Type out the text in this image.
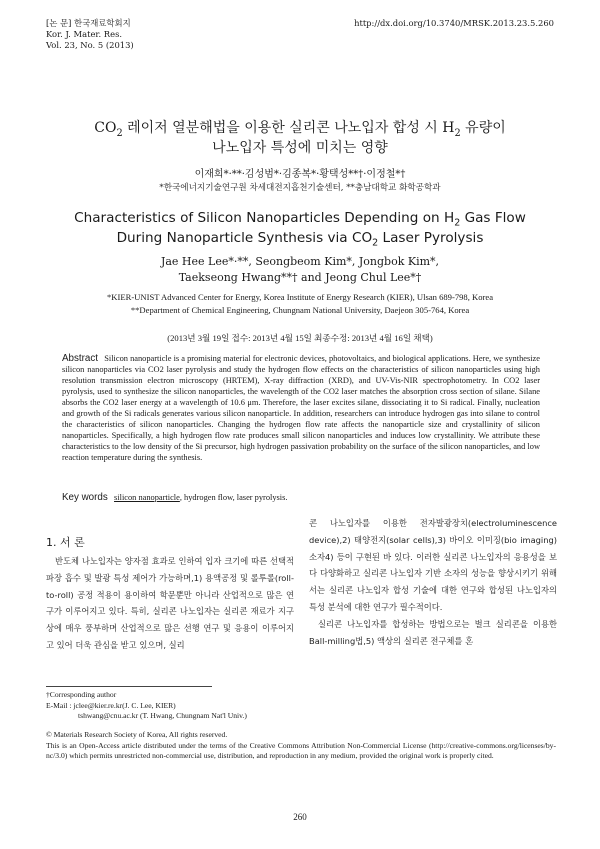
[논 문] 한국재료학회지
Kor. J. Mater. Res.
Vol. 23, No. 5 (2013)
http://dx.doi.org/10.3740/MRSK.2013.23.5.260
$CO_2$ 레이저 열분해법을 이용한 실리콘 나노입자 합성 시 $H_2$ 유량이
나노입자 특성에 미치는 영향
이재희*·**·김성범*·김종복*·황택성**†·이정철*†
*한국에너지기술연구원 차세대전지흡천기술센터, **충남대학교 화학공학과
Characteristics of Silicon Nanoparticles Depending on $H_2$ Gas Flow
During Nanoparticle Synthesis via $CO_2$ Laser Pyrolysis
Jae Hee Lee*·**, Seongbeom Kim*, Jongbok Kim*,
Taekseong Hwang**† and Jeong Chul Lee*†
*KIER-UNIST Advanced Center for Energy, Korea Institute of Energy Research (KIER), Ulsan 689-798, Korea
**Department of Chemical Engineering, Chungnam National University, Daejeon 305-764, Korea
(2013년 3월 19일 접수: 2013년 4월 15일 최종수정: 2013년 4월 16일 채택)

Abstract Silicon nanoparticle is a promising material for electronic devices, photovoltaics, and biological applications. Here, we synthesize silicon nanoparticles via CO2 laser pyrolysis and study the hydrogen flow effects on the characteristics of silicon nanoparticles using high resolution transmission electron microscopy (HRTEM), X-ray diffraction (XRD), and UV-Vis-NIR spectrophotometry. In CO2 laser pyrolysis, used to synthesize the silicon nanoparticles, the wavelength of the CO2 laser matches the absorption cross section of silane. Silane absorbs the CO2 laser energy at a wavelength of 10.6 μm. Therefore, the laser excites silane, dissociating it to Si radical. Finally, nucleation and growth of the Si radicals generates various silicon nanoparticle. In addition, researchers can introduce hydrogen gas into silane to control the characteristics of silicon nanoparticles. Changing the hydrogen flow rate affects the nanoparticle size and crystallinity of silicon nanoparticles. Specifically, a high hydrogen flow rate produces small silicon nanoparticles and induces low crystallinity. We attribute these characteristics to the low density of the Si precursor, high hydrogen passivation probability on the surface of the silicon nanoparticles, and low reaction temperature during the synthesis.

Key words silicon nanoparticle, hydrogen flow, laser pyrolysis.
1. 서 론

반도체 나노입자는 양자점 효과로 인하여 입자 크기에 따른 선택적 파장 흡수 및 발광 특성 제어가 가능하며,1) 용액공정 및 롤투롤(roll-to-roll) 공정 적용이 용이하여 학문뿐만 아니라 산업적으로 많은 연구가 이루어지고 있다. 특히, 실리콘 나노입자는 실리콘 재료가 지구상에 매우 풍부하며 산업적으로 많은 선행 연구 및 응용이 이루어지고 있어 더욱 관심을 받고 있으며, 실리

콘 나노입자를 이용한 전자발광장치(electroluminescence device),2) 태양전지(solar cells),3) 바이오 이미징(bio imaging) 소자4) 등이 구현된 바 있다. 이러한 실리콘 나노입자의 응용성을 보다 다양화하고 실리콘 나노입자 기반 소자의 성능을 향상시키기 위해서는 실리콘 나노입자 합성 기술에 대한 연구와 합성된 나노입자의 특성 분석에 대한 연구가 필수적이다.

실리콘 나노입자를 합성하는 방법으로는 벌크 실리콘을 이용한 Ball-milling법,5) 액상의 실리콘 전구체를 혼

†Corresponding author
E-Mail : jclee@kier.re.kr(J. C. Lee, KIER)
tshwang@cnu.ac.kr (T. Hwang, Chungnam Nat'l Univ.)

© Materials Research Society of Korea, All rights reserved.

This is an Open-Access article distributed under the terms of the Creative Commons Attribution Non-Commercial License (http://creative-commons.org/licenses/by-nc/3.0) which permits unrestricted non-commercial use, distribution, and reproduction in any medium, provided the original work is properly cited.

260
